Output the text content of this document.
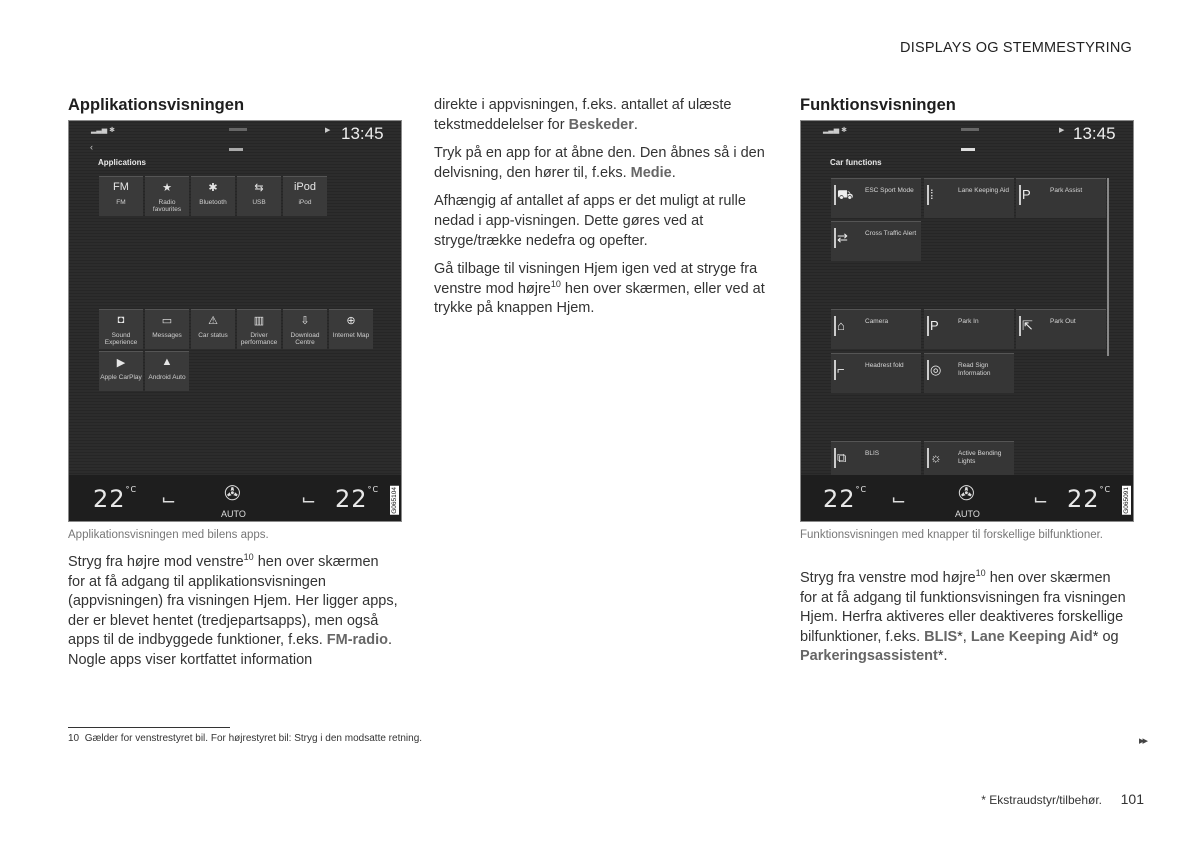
DISPLAYS OG STEMMESTYRING
Applikationsvisningen
▂▃▅ ✱	▶ 13:45
‹
Applications
FM
FM
★
Radio favourites
✱
Bluetooth
⇆
USB
iPod
iPod
◘
Sound Experience
▭
Messages
⚠
Car status
▥
Driver performance
⇩
Download Centre
⊕
Internet Map
▶
Apple CarPlay
▲
Android Auto
$22^{^\circ C}$ ⌙ ✇
AUTO
⌙ $22^{^\circ C}$ G065104
Applikationsvisningen med bilens apps.

Stryg fra højre mod venstre$^{10}$ hen over skærmen for at få adgang til applikationsvisningen (appvisningen) fra visningen Hjem. Her ligger apps, der er blevet hentet (tredjepartsapps), men også apps til de indbyggede funktioner, f.eks. FM-radio. Nogle apps viser kortfattet information

direkte i appvisningen, f.eks. antallet af ulæste tekstmeddelelser for Beskeder.

Tryk på en app for at åbne den. Den åbnes så i den delvisning, den hører til, f.eks. Medie.

Afhængig af antallet af apps er det muligt at rulle nedad i app-visningen. Dette gøres ved at stryge/trække nedefra og opefter.

Gå tilbage til visningen Hjem igen ved at stryge fra venstre mod højre$^{10}$ hen over skærmen, eller ved at trykke på knappen Hjem.

Funktionsvisningen
▂▃▅ ✱	▶ 13:45
Car functions
⛟ ESC Sport Mode	⁞	Lane Keeping Aid	P	Park Assist
⇄	Cross Traffic Alert
⌂	Camera	P	Park In	⇱	Park Out
⌐	Headrest fold	◎	Read Sign Information
⧉	BLIS	☼ Active Bending Lights
$22^{^\circ C}$ ⌙	✇
AUTO
⌙ $22^{^\circ C}$ G065091
Funktionsvisningen med knapper til forskellige bilfunktioner.

Stryg fra venstre mod højre$^{10}$ hen over skærmen for at få adgang til funktionsvisningen fra visningen Hjem. Herfra aktiveres eller deaktiveres forskellige bilfunktioner, f.eks. BLIS*, Lane Keeping Aid* og Parkeringsassistent*.

10 Gælder for venstrestyret bil. For højrestyret bil: Stryg i den modsatte retning.	▸▸
* Ekstraudstyr/tilbehør. 101
